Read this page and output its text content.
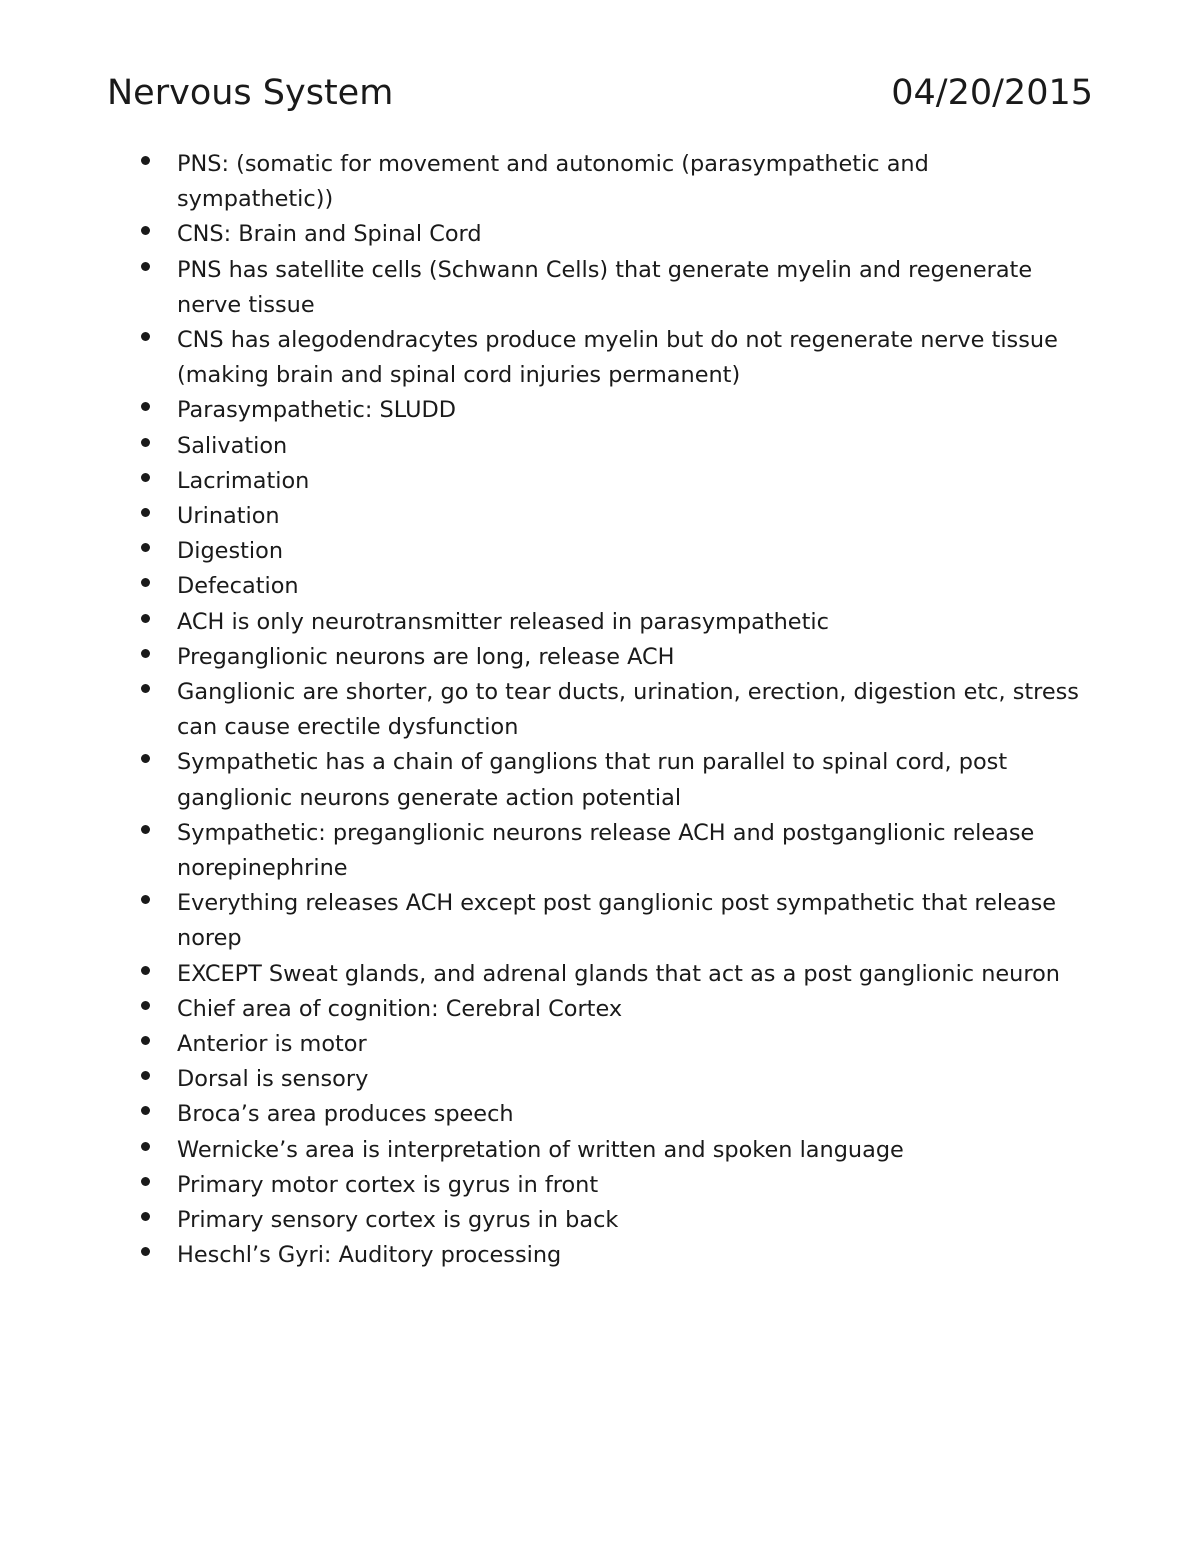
Nervous System	04/20/2015
PNS: (somatic for movement and autonomic (parasympathetic and sympathetic))
CNS: Brain and Spinal Cord
PNS has satellite cells (Schwann Cells) that generate myelin and regenerate nerve tissue
CNS has alegodendracytes produce myelin but do not regenerate nerve tissue (making brain and spinal cord injuries permanent)
Parasympathetic: SLUDD
Salivation
Lacrimation
Urination
Digestion
Defecation
ACH is only neurotransmitter released in parasympathetic
Preganglionic neurons are long, release ACH
Ganglionic are shorter, go to tear ducts, urination, erection, digestion etc, stress can cause erectile dysfunction
Sympathetic has a chain of ganglions that run parallel to spinal cord, post ganglionic neurons generate action potential
Sympathetic: preganglionic neurons release ACH and postganglionic release norepinephrine
Everything releases ACH except post ganglionic post sympathetic that release norep
EXCEPT Sweat glands, and adrenal glands that act as a post ganglionic neuron
Chief area of cognition: Cerebral Cortex
Anterior is motor
Dorsal is sensory
Broca’s area produces speech
Wernicke’s area is interpretation of written and spoken language
Primary motor cortex is gyrus in front
Primary sensory cortex is gyrus in back
Heschl’s Gyri: Auditory processing
